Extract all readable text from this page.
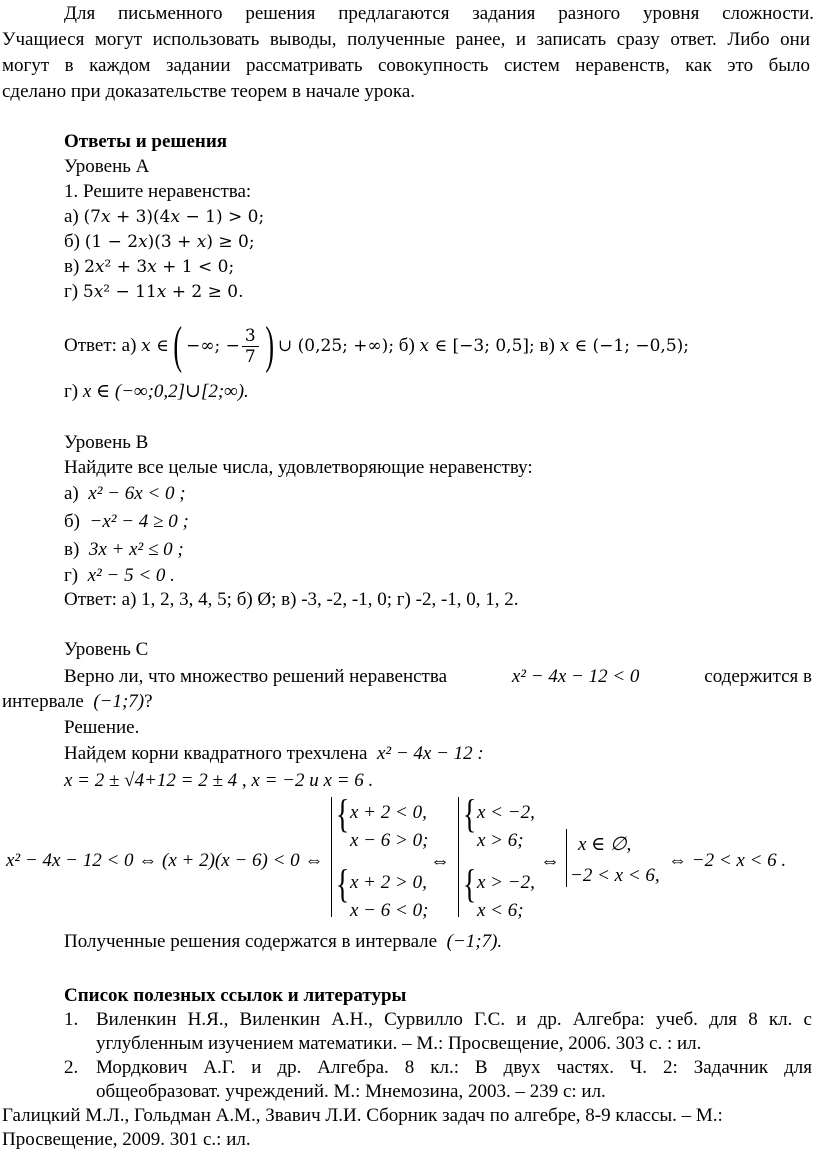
Для письменного решения предлагаются задания разного уровня сложности.
Учащиеся могут использовать выводы, полученные ранее, и записать сразу ответ. Либо они
могут в каждом задании рассматривать совокупность систем неравенств, как это было
сделано при доказательстве теорем в начале урока.
Ответы и решения
Уровень А
1. Решите неравенства:
а) (7𝑥 + 3)(4𝑥 − 1) > 0;
б) (1 − 2𝑥)(3 + 𝑥) ≥ 0;
в) 2𝑥² + 3𝑥 + 1 < 0;
г) 5𝑥² − 11𝑥 + 2 ≥ 0.
Ответ: а)
𝑥 ∈ ( −∞; − $\frac{3}{7}$ ) ∪ (0,25; +∞);
б)
𝑥 ∈ [−3; 0,5];
в)
𝑥 ∈ (−1; −0,5);
г) x ∈ (−∞;0,2]∪[2;∞).
Уровень В
Найдите все целые числа, удовлетворяющие неравенству:
а) x² − 6x < 0 ;
б) −x² − 4 ≥ 0 ;
в) 3x + x² ≤ 0 ;
г) x² − 5 < 0 .
Ответ: а) 1, 2, 3, 4, 5; б) Ø; в) -3, -2, -1, 0; г) -2, -1, 0, 1, 2.
Уровень С
Верно ли, что множество решений неравенства	x² − 4x − 12 < 0	содержится в
интервале (−1;7)?
Решение.
Найдем корни квадратного трехчлена x² − 4x − 12 :
x = 2 ± √4+12 = 2 ± 4 , x = −2 и x = 6 .
x² − 4x − 12 < 0 ⇔ (x + 2)(x − 6) < 0 ⇔
{
{
x + 2 < 0,
x − 6 > 0;
x + 2 > 0,
x − 6 < 0;
⇔
{
{
x < −2,
x > 6;
x > −2,
x < 6;
⇔
x ∈ ∅,
−2 < x < 6,
⇔ −2 < x < 6 .
Полученные решения содержатся в интервале (−1;7).
Список полезных ссылок и литературы
1. Виленкин Н.Я., Виленкин А.Н., Сурвилло Г.С. и др. Алгебра: учеб. для 8 кл. с
углубленным изучением математики. – М.: Просвещение, 2006. 303 с. : ил.
2. Мордкович А.Г. и др. Алгебра. 8 кл.: В двух частях. Ч. 2: Задачник для
общеобразоват. учреждений. М.: Мнемозина, 2003. – 239 с: ил.
Галицкий М.Л., Гольдман А.М., Звавич Л.И. Сборник задач по алгебре, 8-9 классы. – М.:
Просвещение, 2009. 301 с.: ил.
